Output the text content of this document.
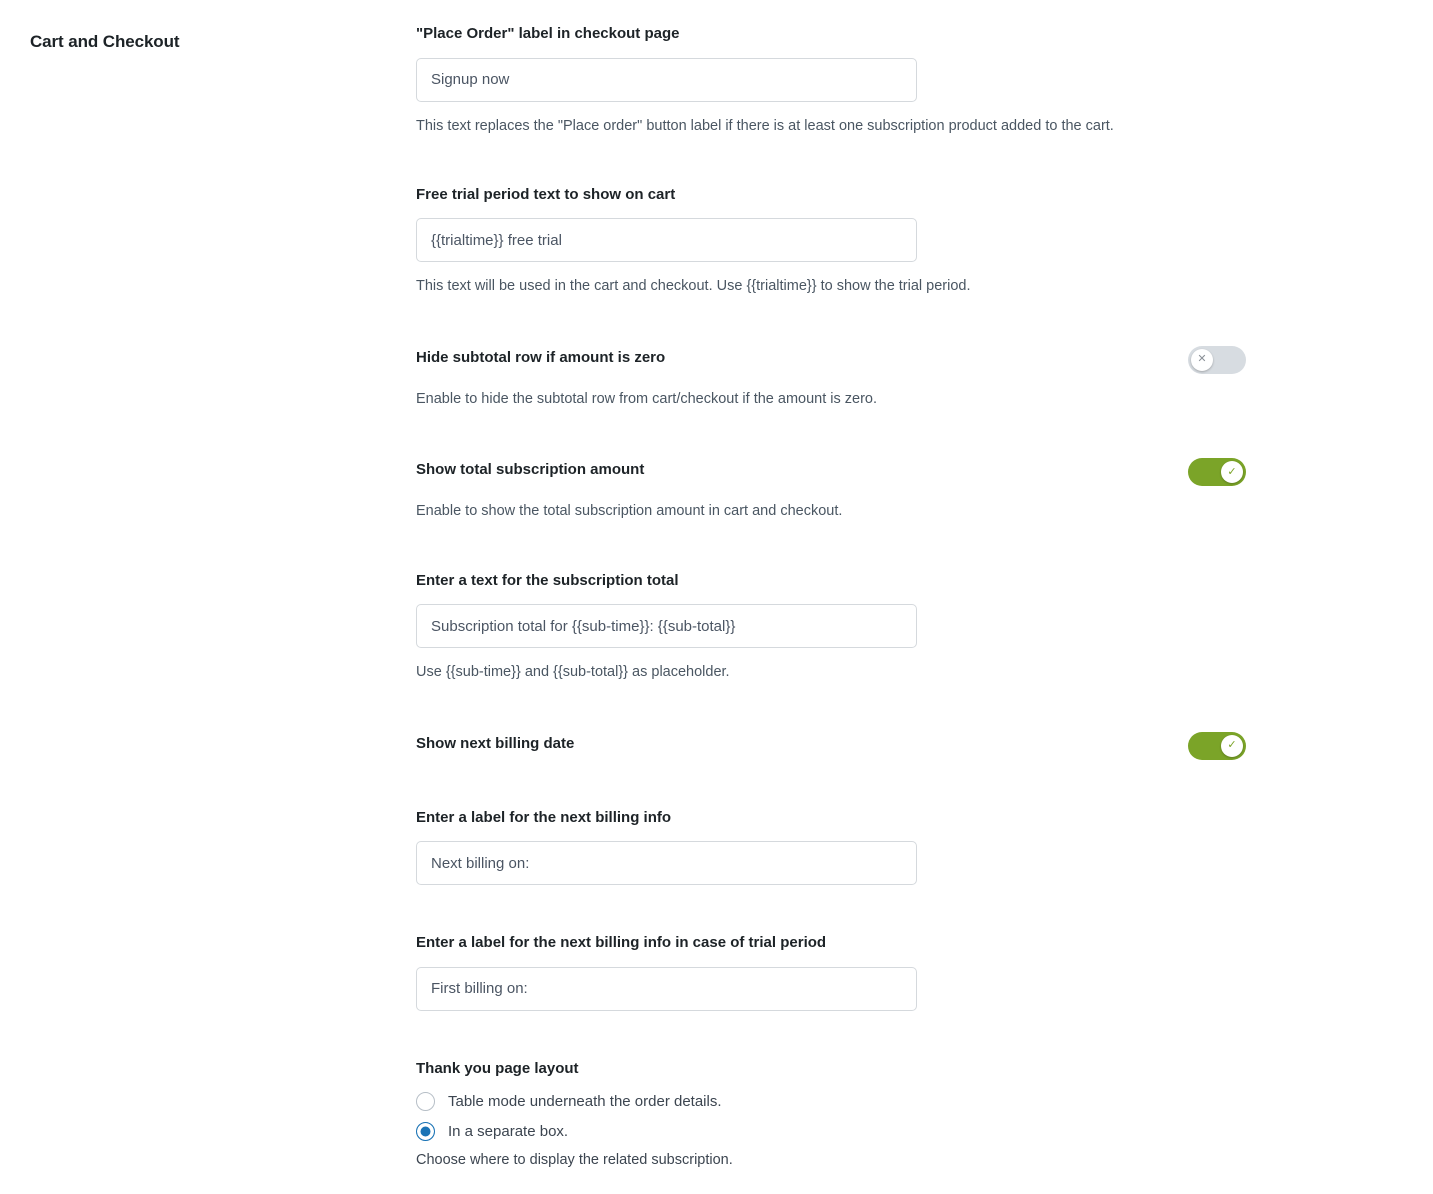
Cart and Checkout	"Place Order" label in checkout page
Signup now
This text replaces the "Place order" button label if there is at least one subscription product added to the cart.
Free trial period text to show on cart
{{trialtime}} free trial
This text will be used in the cart and checkout. Use {{trialtime}} to show the trial period.
Hide subtotal row if amount is zero	✕
Enable to hide the subtotal row from cart/checkout if the amount is zero.
Show total subscription amount	✓
Enable to show the total subscription amount in cart and checkout.
Enter a text for the subscription total
Subscription total for {{sub-time}}: {{sub-total}}
Use {{sub-time}} and {{sub-total}} as placeholder.
Show next billing date	✓
Enter a label for the next billing info
Next billing on:
Enter a label for the next billing info in case of trial period
First billing on:
Thank you page layout
Table mode underneath the order details.
In a separate box.
Choose where to display the related subscription.
